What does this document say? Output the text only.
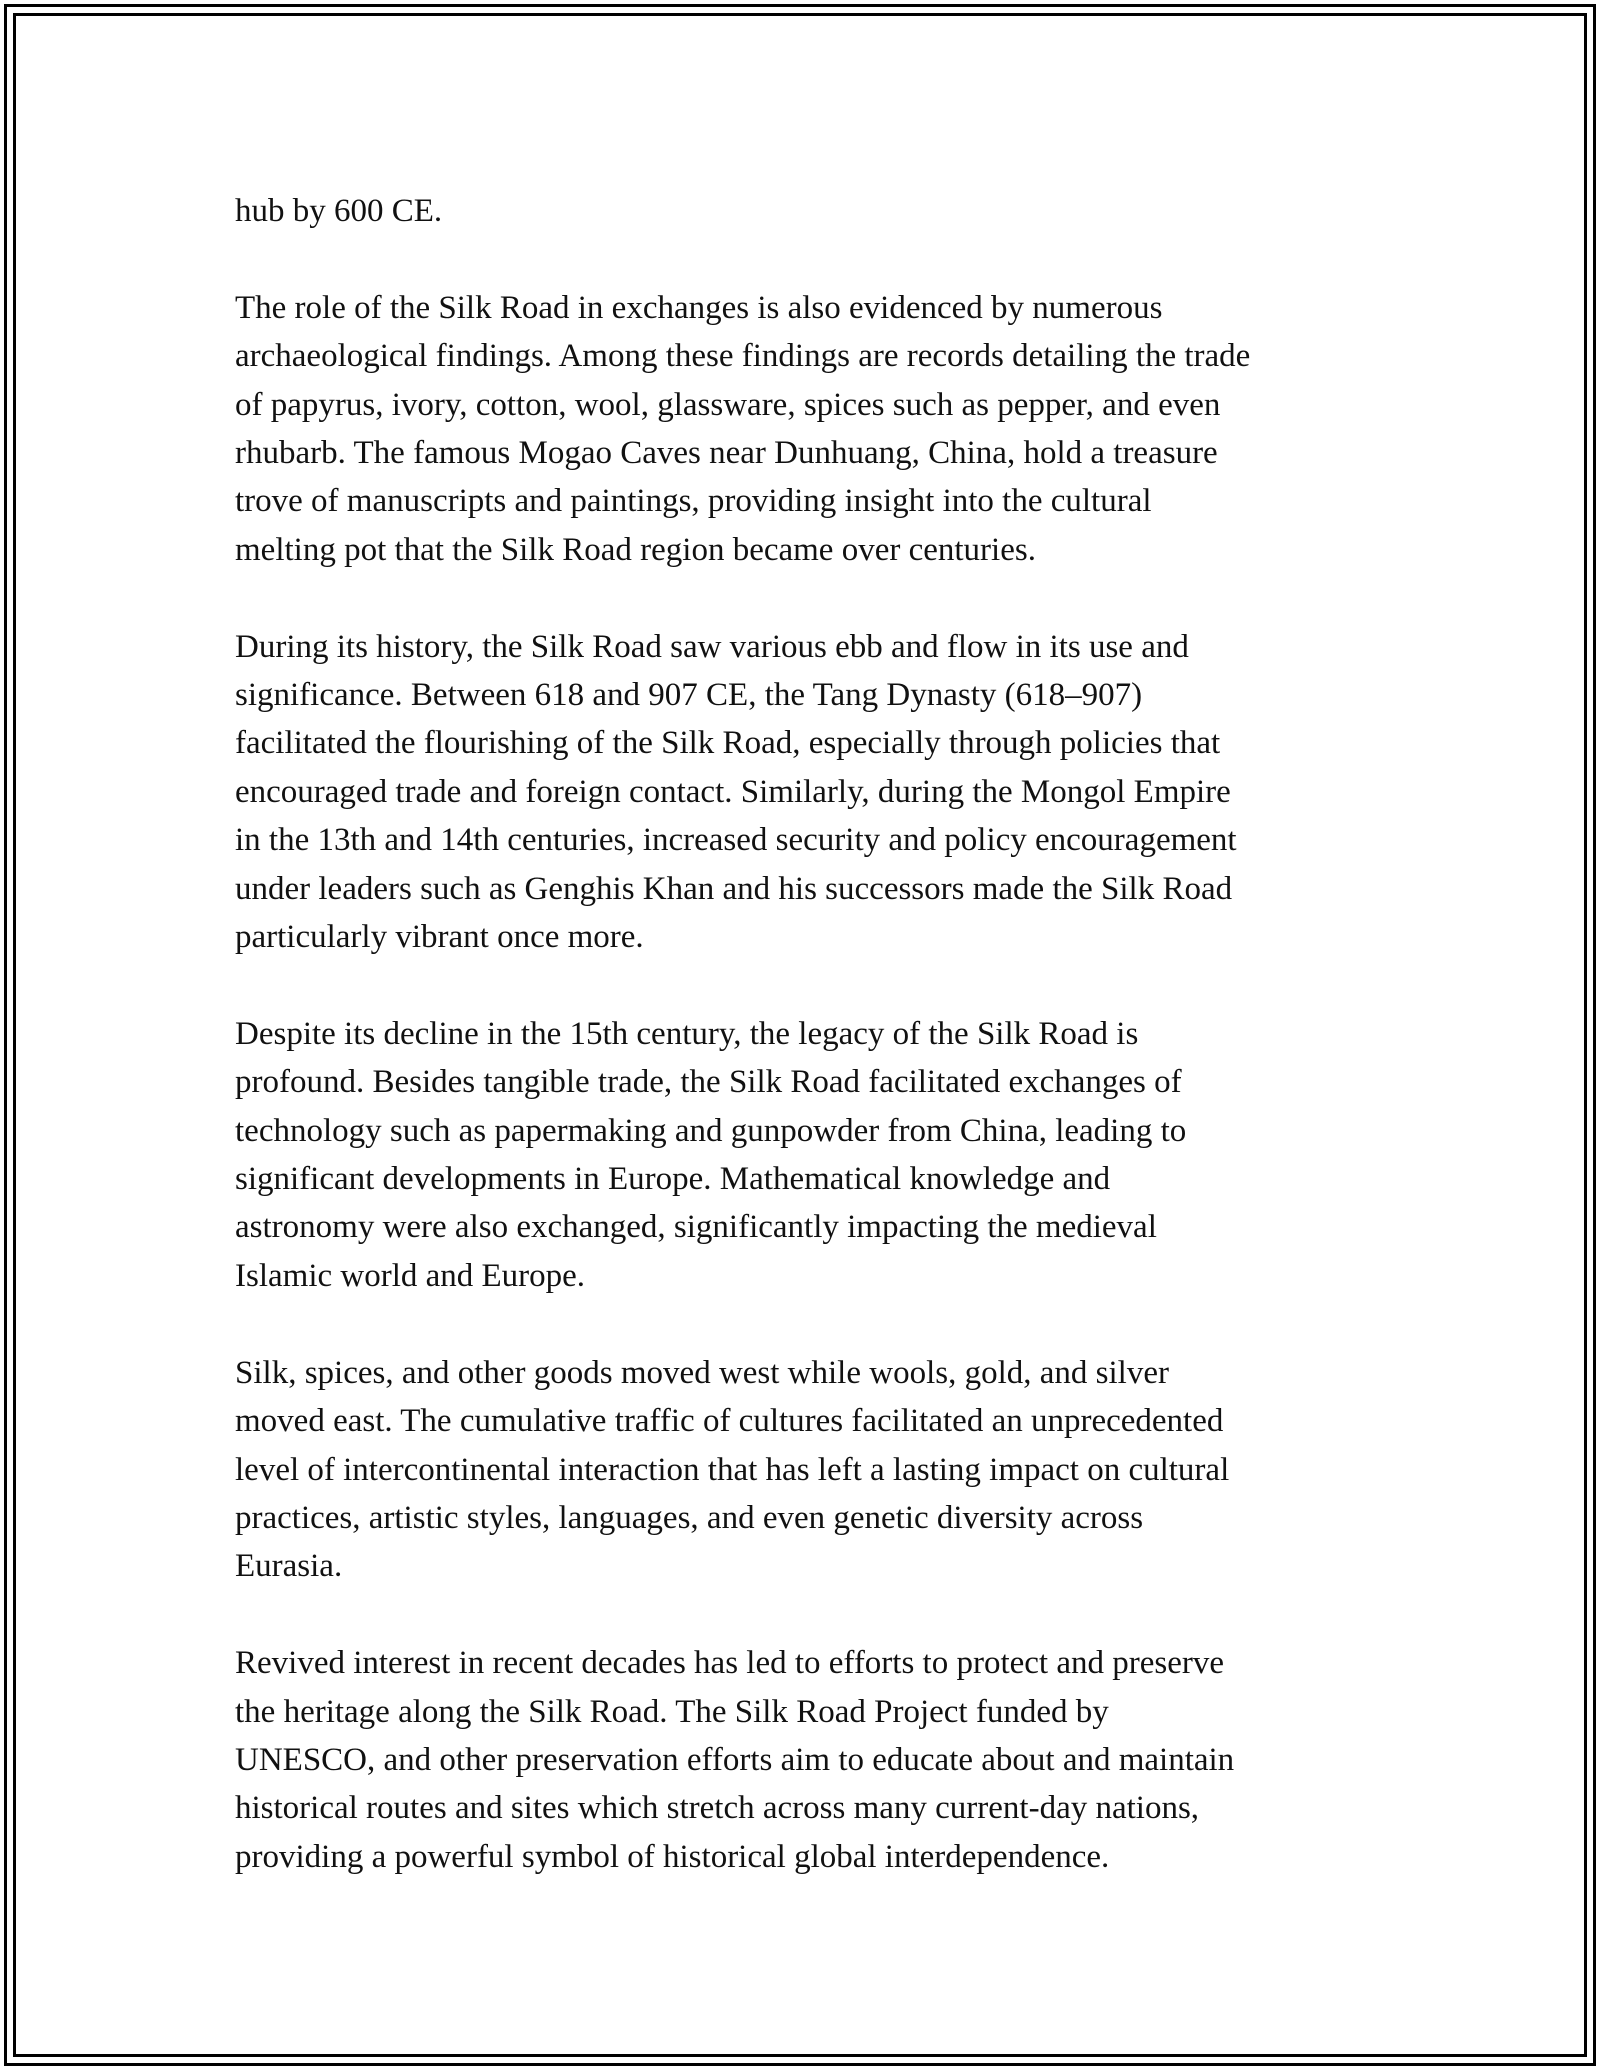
hub by 600 CE.

The role of the Silk Road in exchanges is also evidenced by numerous
archaeological findings. Among these findings are records detailing the trade
of papyrus, ivory, cotton, wool, glassware, spices such as pepper, and even
rhubarb. The famous Mogao Caves near Dunhuang, China, hold a treasure
trove of manuscripts and paintings, providing insight into the cultural
melting pot that the Silk Road region became over centuries.

During its history, the Silk Road saw various ebb and flow in its use and
significance. Between 618 and 907 CE, the Tang Dynasty (618–907)
facilitated the flourishing of the Silk Road, especially through policies that
encouraged trade and foreign contact. Similarly, during the Mongol Empire
in the 13th and 14th centuries, increased security and policy encouragement
under leaders such as Genghis Khan and his successors made the Silk Road
particularly vibrant once more.

Despite its decline in the 15th century, the legacy of the Silk Road is
profound. Besides tangible trade, the Silk Road facilitated exchanges of
technology such as papermaking and gunpowder from China, leading to
significant developments in Europe. Mathematical knowledge and
astronomy were also exchanged, significantly impacting the medieval
Islamic world and Europe.

Silk, spices, and other goods moved west while wools, gold, and silver
moved east. The cumulative traffic of cultures facilitated an unprecedented
level of intercontinental interaction that has left a lasting impact on cultural
practices, artistic styles, languages, and even genetic diversity across
Eurasia.

Revived interest in recent decades has led to efforts to protect and preserve
the heritage along the Silk Road. The Silk Road Project funded by
UNESCO, and other preservation efforts aim to educate about and maintain
historical routes and sites which stretch across many current-day nations,
providing a powerful symbol of historical global interdependence.
